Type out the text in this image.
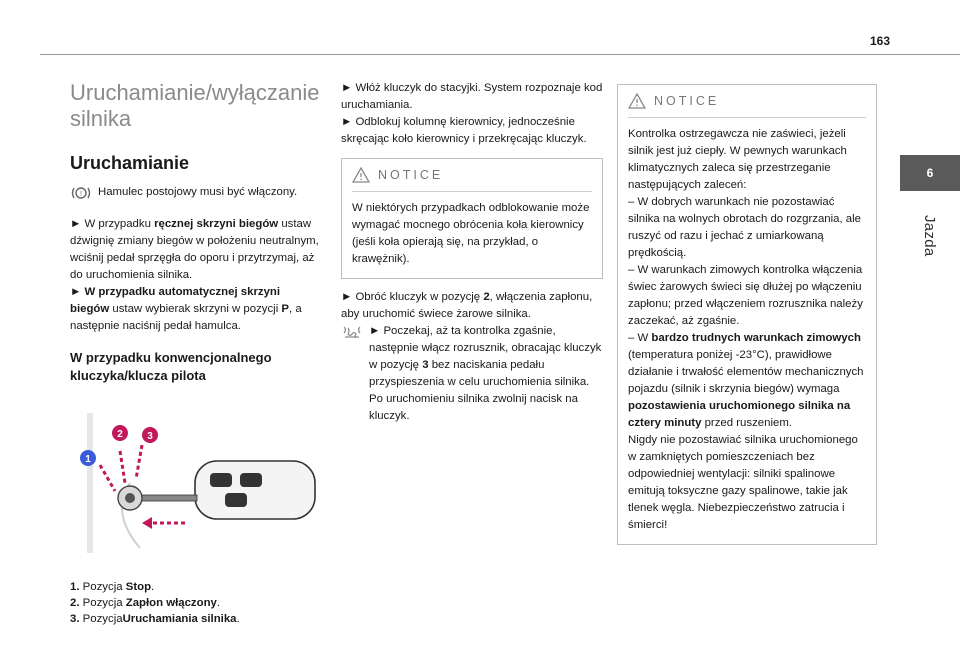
163
6
Jazda
Uruchamianie/wyłączanie silnika
Uruchamianie
! Hamulec postojowy musi być włączony.

► W przypadku ręcznej skrzyni biegów ustaw dźwignię zmiany biegów w położeniu neutralnym, wciśnij pedał sprzęgła do oporu i przytrzymaj, aż do uruchomienia silnika.

► W przypadku automatycznej skrzyni biegów ustaw wybierak skrzyni w pozycji P, a następnie naciśnij pedał hamulca.

W przypadku konwencjonalnego kluczyka/klucza pilota
1
2 3
1. Pozycja Stop.
2. Pozycja Zapłon włączony.
3. PozycjaUruchamiania silnika.

► Włóż kluczyk do stacyjki. System rozpoznaje kod uruchamiania.

► Odblokuj kolumnę kierownicy, jednocześnie skręcając koło kierownicy i przekręcając kluczyk.

NOTICE
W niektórych przypadkach odblokowanie może wymagać mocnego obrócenia koła kierownicy (jeśli koła opierają się, na przykład, o krawężnik).

► Obróć kluczyk w pozycję 2, włączenia zapłonu, aby uruchomić świece żarowe silnika.

► Poczekaj, aż ta kontrolka zgaśnie, następnie włącz rozrusznik, obracając kluczyk w pozycję 3 bez naciskania pedału przyspieszenia w celu uruchomienia silnika. Po uruchomieniu silnika zwolnij nacisk na kluczyk.

NOTICE

Kontrolka ostrzegawcza nie zaświeci, jeżeli silnik jest już ciepły. W pewnych warunkach klimatycznych zaleca się przestrzeganie następujących zaleceń:

– W dobrych warunkach nie pozostawiać silnika na wolnych obrotach do rozgrzania, ale ruszyć od razu i jechać z umiarkowaną prędkością.

– W warunkach zimowych kontrolka włączenia świec żarowych świeci się dłużej po włączeniu zapłonu; przed włączeniem rozrusznika należy zaczekać, aż zgaśnie.

– W bardzo trudnych warunkach zimowych (temperatura poniżej -23°C), prawidłowe działanie i trwałość elementów mechanicznych pojazdu (silnik i skrzynia biegów) wymaga pozostawienia uruchomionego silnika na cztery minuty przed ruszeniem.

Nigdy nie pozostawiać silnika uruchomionego w zamkniętych pomieszczeniach bez odpowiedniej wentylacji: silniki spalinowe emitują toksyczne gazy spalinowe, takie jak tlenek węgla. Niebezpieczeństwo zatrucia i śmierci!
